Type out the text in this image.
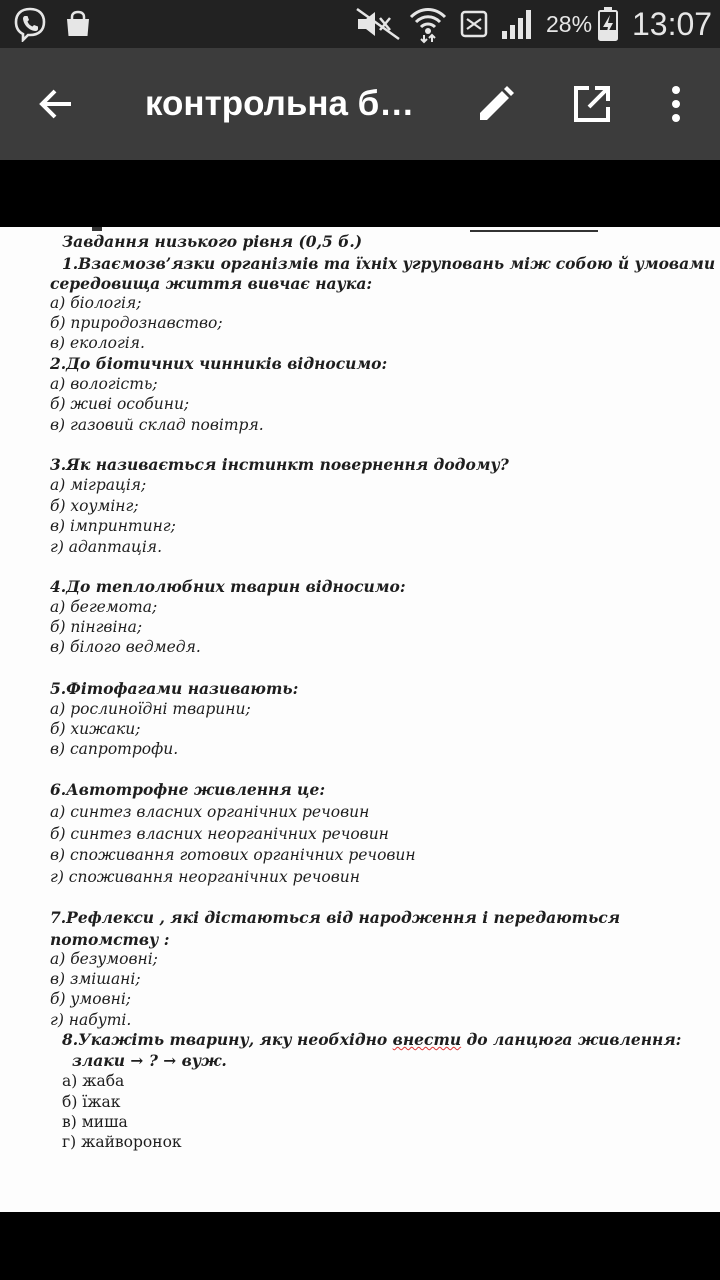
28% 13:07
контрольна б…
Завдання низького рівня (0,5 б.)
1.Взаємозв’язки організмів та їхніх угруповань між собою й умовами
середовища життя вивчає наука:
а) біологія;
б) природознавство;
в) екологія.
2.До біотичних чинників відносимо:
а) вологість;
б) живі особини;
в) газовий склад повітря.
3.Як називається інстинкт повернення додому?
а) міграція;
б) хоумінг;
в) імпринтинг;
г) адаптація.
4.До теплолюбних тварин відносимо:
а) бегемота;
б) пінгвіна;
в) білого ведмедя.
5.Фітофагами називають:
а) рослиноїдні тварини;
б) хижаки;
в) сапротрофи.
6.Автотрофне живлення це:
а) синтез власних органічних речовин
б) синтез власних неорганічних речовин
в) споживання готових органічних речовин
г) споживання неорганічних речовин
7.Рефлекси , які дістаються від народження і передаються
потомству :
а) безумовні;
в) змішані;
б) умовні;
г) набуті.
8.Укажіть тварину, яку необхідно внести до ланцюга живлення:
злаки → ? → вуж.
а) жаба
б) їжак
в) миша
г) жайворонок
